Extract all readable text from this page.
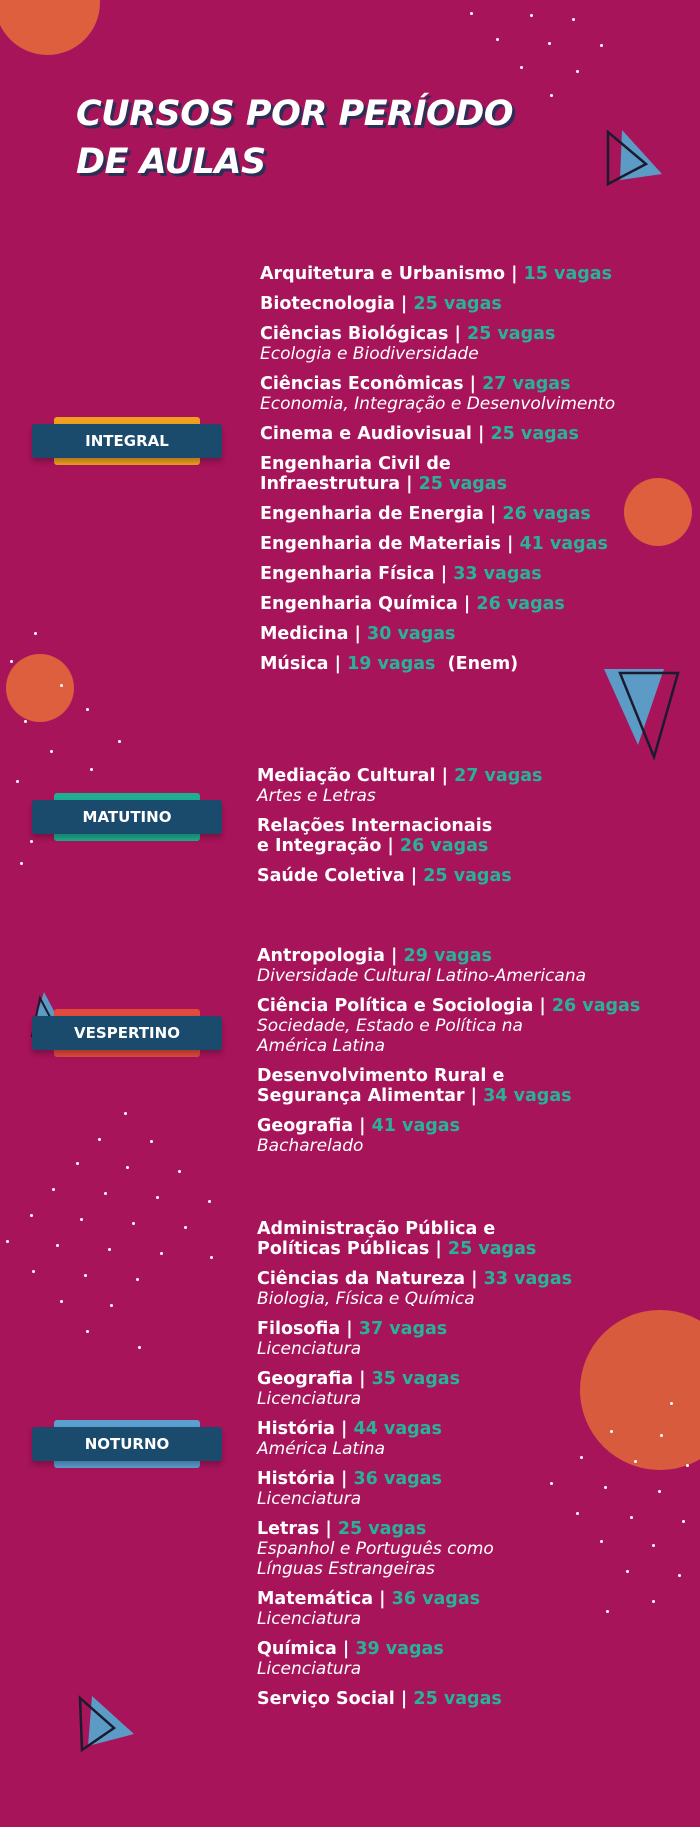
CURSOS POR PERÍODO
DE AULAS
INTEGRAL
MATUTINO
VESPERTINO
NOTURNO
Arquitetura e Urbanismo | 15 vagas
Biotecnologia | 25 vagas
Ciências Biológicas | 25 vagas
Ecologia e Biodiversidade
Ciências Econômicas | 27 vagas
Economia, Integração e Desenvolvimento
Cinema e Audiovisual | 25 vagas
Engenharia Civil de
Infraestrutura | 25 vagas
Engenharia de Energia | 26 vagas
Engenharia de Materiais | 41 vagas
Engenharia Física | 33 vagas
Engenharia Química | 26 vagas
Medicina | 30 vagas
Música | 19 vagas  (Enem)
Mediação Cultural | 27 vagas
Artes e Letras
Relações Internacionais
e Integração | 26 vagas
Saúde Coletiva | 25 vagas
Antropologia | 29 vagas
Diversidade Cultural Latino-Americana
Ciência Política e Sociologia | 26 vagas
Sociedade, Estado e Política na
América Latina
Desenvolvimento Rural e
Segurança Alimentar | 34 vagas
Geografia | 41 vagas
Bacharelado
Administração Pública e
Políticas Públicas | 25 vagas
Ciências da Natureza | 33 vagas
Biologia, Física e Química
Filosofia | 37 vagas
Licenciatura
Geografia | 35 vagas
Licenciatura
História | 44 vagas
América Latina
História | 36 vagas
Licenciatura
Letras | 25 vagas
Espanhol e Português como
Línguas Estrangeiras
Matemática | 36 vagas
Licenciatura
Química | 39 vagas
Licenciatura
Serviço Social | 25 vagas
